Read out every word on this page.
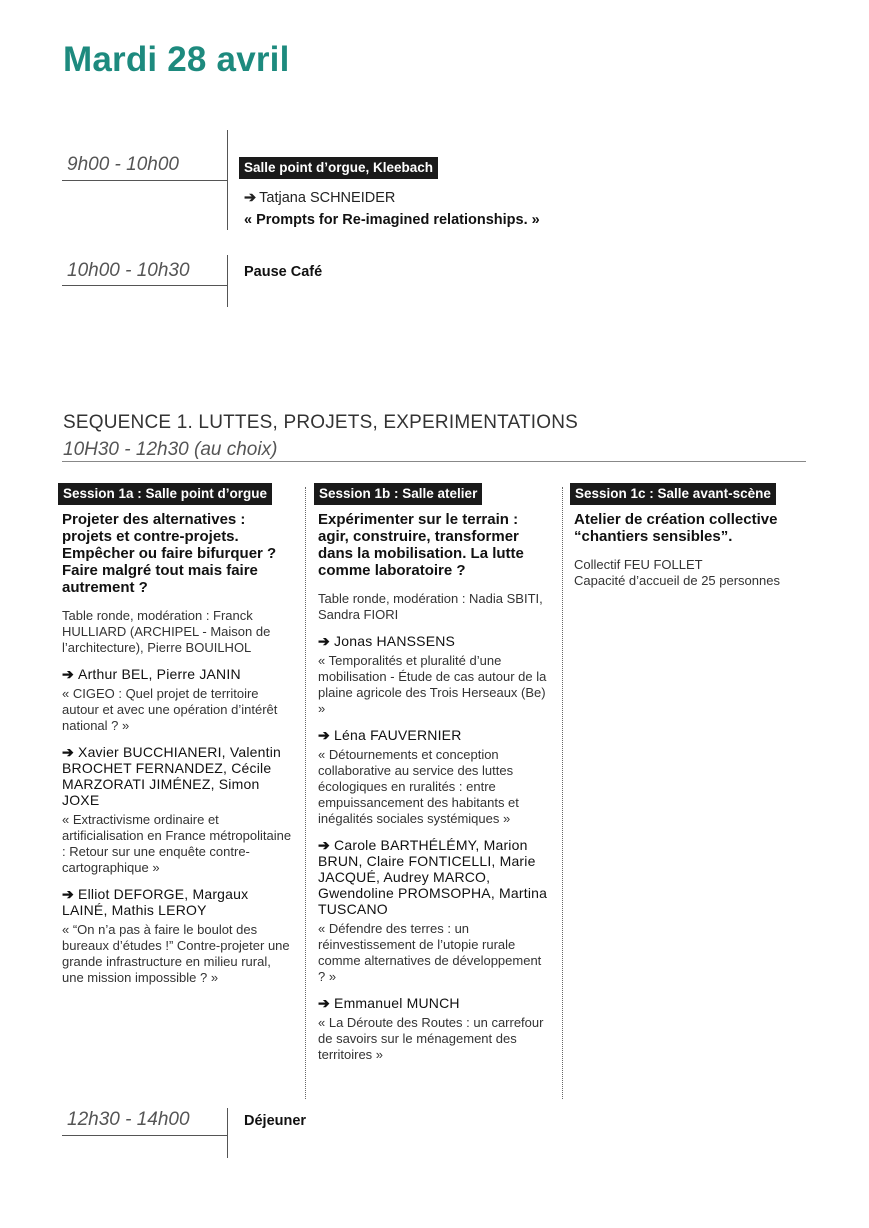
Mardi 28 avril
9h00 - 10h00	Salle point d’orgue, Kleebach
➔ Tatjana SCHNEIDER
« Prompts for Re-imagined relationships. »
10h00 - 10h30	Pause Café
SEQUENCE 1. LUTTES, PROJETS, EXPERIMENTATIONS
10H30 - 12h30 (au choix)
Session 1a : Salle point d’orgue
Projeter des alternatives : projets et contre-projets. Empêcher ou faire bifurquer ? Faire malgré tout mais faire autrement ?
Table ronde, modération : Franck HULLIARD (ARCHIPEL - Maison de l’architecture), Pierre BOUILHOL
➔ Arthur BEL, Pierre JANIN
« CIGEO : Quel projet de territoire autour et avec une opération d’intérêt national ? »
➔ Xavier BUCCHIANERI, Valentin BROCHET FERNANDEZ, Cécile MARZORATI JIMÉNEZ, Simon JOXE
« Extractivisme ordinaire et artificialisation en France métropolitaine : Retour sur une enquête contre-cartographique »
➔ Elliot DEFORGE, Margaux LAINÉ, Mathis LEROY
« “On n’a pas à faire le boulot des bureaux d’études !” Contre-projeter une grande infrastructure en milieu rural, une mission impossible ? »
Session 1b : Salle atelier
Expérimenter sur le terrain : agir, construire, transformer dans la mobilisation. La lutte comme laboratoire ?
Table ronde, modération : Nadia SBITI, Sandra FIORI
➔ Jonas HANSSENS
« Temporalités et pluralité d’une mobilisation - Étude de cas autour de la plaine agricole des Trois Herseaux (Be) »
➔ Léna FAUVERNIER
« Détournements et conception collaborative au service des luttes écologiques en ruralités : entre empuissancement des habitants et inégalités sociales systémiques »
➔ Carole BARTHÉLÉMY, Marion BRUN, Claire FONTICELLI, Marie JACQUÉ, Audrey MARCO, Gwendoline PROMSOPHA, Martina TUSCANO
« Défendre des terres : un réinvestissement de l’utopie rurale comme alternatives de développement ? »
➔ Emmanuel MUNCH
« La Déroute des Routes : un carrefour de savoirs sur le ménagement des territoires »
Session 1c : Salle avant-scène
Atelier de création collective “chantiers sensibles”.
Collectif FEU FOLLET
Capacité d’accueil de 25 personnes
12h30 - 14h00	Déjeuner
